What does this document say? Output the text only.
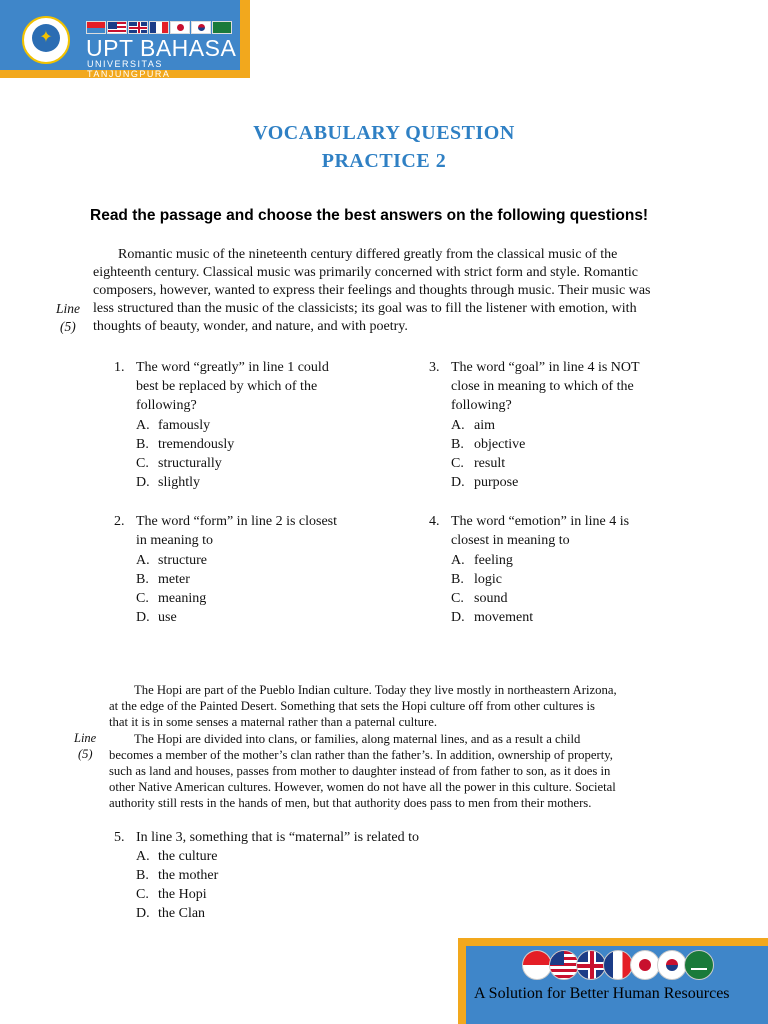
✦ UPT BAHASA
UNIVERSITAS TANJUNGPURA
VOCABULARY QUESTION
PRACTICE 2
Read the passage and choose the best answers on the following questions!
Romantic music of the nineteenth century differed greatly from the classical music of the
eighteenth century. Classical music was primarily concerned with strict form and style. Romantic
composers, however, wanted to express their feelings and thoughts through music. Their music was
less structured than the music of the classicists; its goal was to fill the listener with emotion, with
thoughts of beauty, wonder, and nature, and with poetry.
Line
(5)
1. The word “greatly” in line 1 could
best be replaced by which of the
following?
A. famously
B. tremendously
C. structurally
D. slightly
2. The word “form” in line 2 is closest
in meaning to
A. structure
B. meter
C. meaning
D. use
3. The word “goal” in line 4 is NOT
close in meaning to which of the
following?
A. aim
B. objective
C. result
D. purpose
4. The word “emotion” in line 4 is
closest in meaning to
A. feeling
B. logic
C. sound
D. movement
The Hopi are part of the Pueblo Indian culture. Today they live mostly in northeastern Arizona,
at the edge of the Painted Desert. Something that sets the Hopi culture off from other cultures is
that it is in some senses a maternal rather than a paternal culture.
The Hopi are divided into clans, or families, along maternal lines, and as a result a child
becomes a member of the mother’s clan rather than the father’s. In addition, ownership of property,
such as land and houses, passes from mother to daughter instead of from father to son, as it does in
other Native American cultures. However, women do not have all the power in this culture. Societal
authority still rests in the hands of men, but that authority does pass to men from their mothers.
Line
(5)
5. In line 3, something that is “maternal” is related to
A. the culture
B. the mother
C. the Hopi
D. the Clan
A Solution for Better Human Resources
